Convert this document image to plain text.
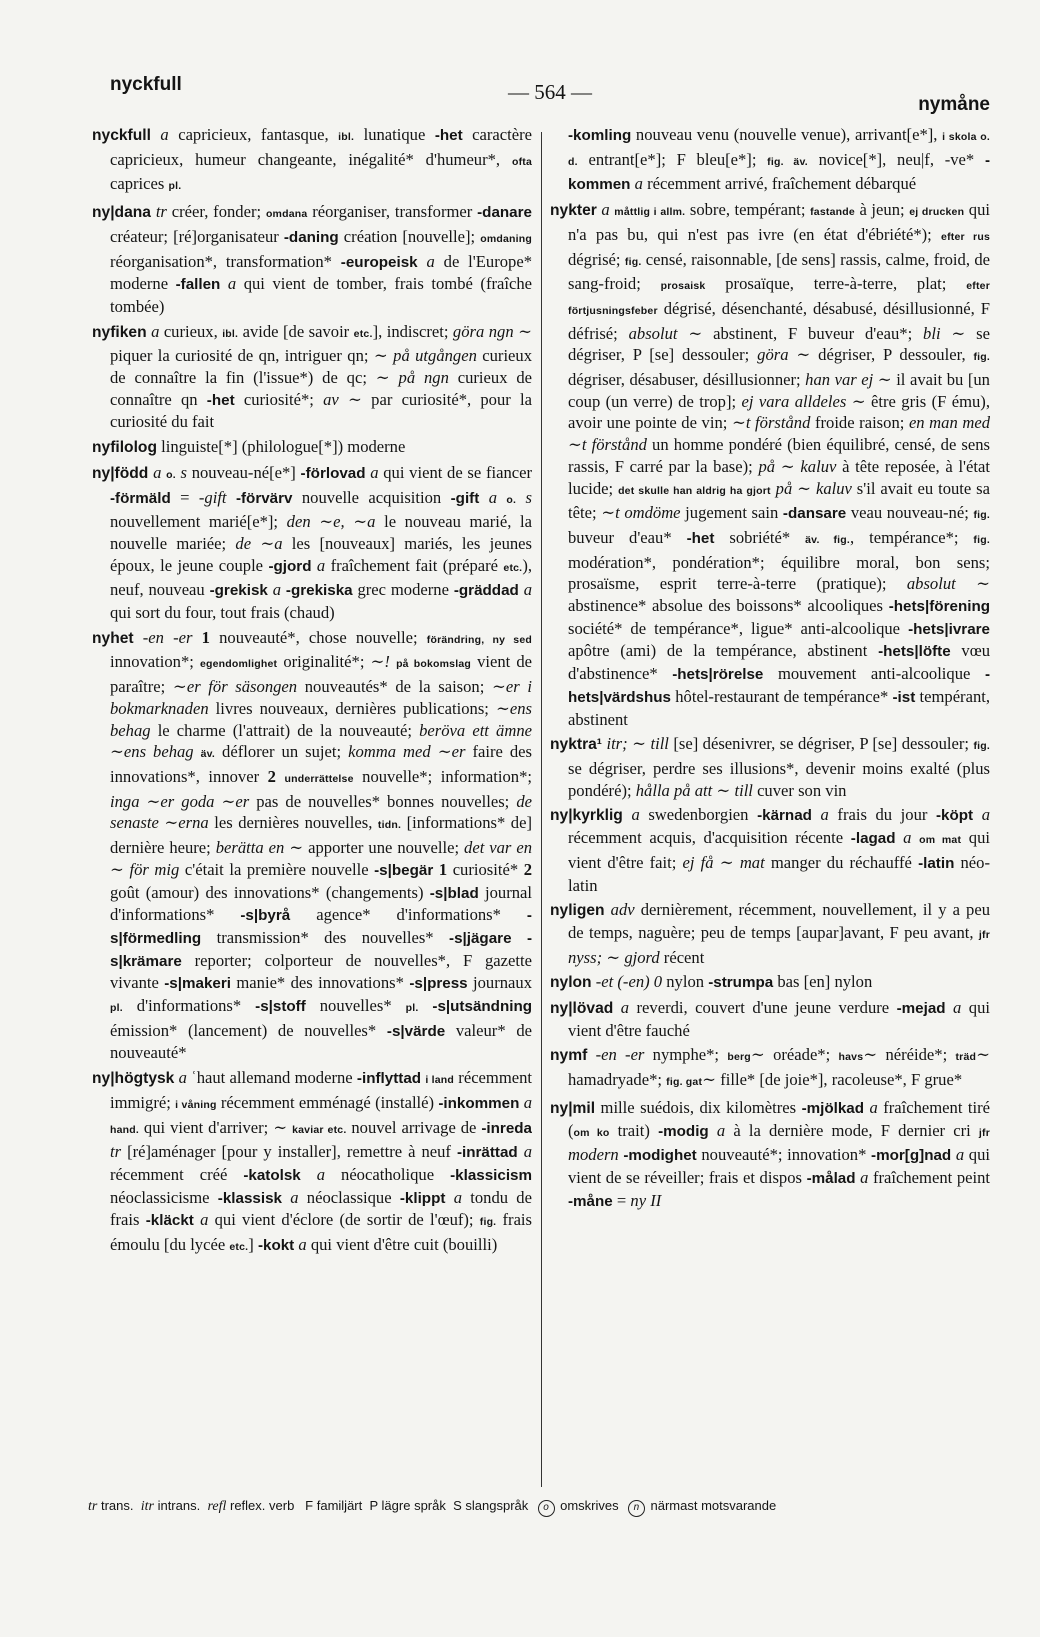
nyckfull	— 564 —
nymåne

nyckfull a capricieux, fantasque, ibl. lunatique -het caractère capricieux, humeur changeante, inégalité* d'humeur*, ofta caprices pl.

ny|dana tr créer, fonder; omdana réorganiser, transformer -danare créateur; [ré]organisateur -daning création [nouvelle]; omdaning réorganisation*, transformation* -europeisk a de l'Europe* moderne -fallen a qui vient de tomber, frais tombé (fraîche tombée)

nyfiken a curieux, ibl. avide [de savoir etc.], indiscret; göra ngn ∼ piquer la curiosité de qn, intriguer qn; ∼ på utgången curieux de connaître la fin (l'issue*) de qc; ∼ på ngn curieux de connaître qn -het curiosité*; av ∼ par curiosité*, pour la curiosité du fait

nyfilolog linguiste[*] (philologue[*]) moderne

ny|född a o. s nouveau-né[e*] -förlovad a qui vient de se fiancer -förmäld = -gift -förvärv nouvelle acquisition -gift a o. s nouvellement marié[e*]; den ∼e, ∼a le nouveau marié, la nouvelle mariée; de ∼a les [nouveaux] mariés, les jeunes époux, le jeune couple -gjord a fraîchement fait (préparé etc.), neuf, nouveau -grekisk a -grekiska grec moderne -gräddad a qui sort du four, tout frais (chaud)

nyhet -en -er 1 nouveauté*, chose nouvelle; förändring, ny sed innovation*; egendomlighet originalité*; ∼! på bokomslag vient de paraître; ∼er för säsongen nouveautés* de la saison; ∼er i bokmarknaden livres nouveaux, dernières publications; ∼ens behag le charme (l'attrait) de la nouveauté; beröva ett ämne ∼ens behag äv. déflorer un sujet; komma med ∼er faire des innovations*, innover 2 underrättelse nouvelle*; information*; inga ∼er goda ∼er pas de nouvelles* bonnes nouvelles; de senaste ∼erna les dernières nouvelles, tidn. [informations* de] dernière heure; berätta en ∼ apporter une nouvelle; det var en ∼ för mig c'était la première nouvelle -s|begär 1 curiosité* 2 goût (amour) des innovations* (changements) -s|blad journal d'informations* -s|byrå agence* d'informations* -s|förmedling transmission* des nouvelles* -s|jägare -s|krämare reporter; colporteur de nouvelles*, F gazette vivante -s|makeri manie* des innovations* -s|press journaux pl. d'informations* -s|stoff nouvelles* pl. -s|utsändning émission* (lancement) de nouvelles* -s|värde valeur* de nouveauté*

ny|högtysk a ʿhaut allemand moderne -inflyttad i land récemment immigré; i våning récemment emménagé (installé) -inkommen a hand. qui vient d'arriver; ∼ kaviar etc. nouvel arrivage de -inreda tr [ré]aménager [pour y installer], remettre à neuf -inrättad a récemment créé -katolsk a néocatholique -klassicism néoclassicisme -klassisk a néoclassique -klippt a tondu de frais -kläckt a qui vient d'éclore (de sortir de l'œuf); fig. frais émoulu [du lycée etc.] -kokt a qui vient d'être cuit (bouilli)

-komling nouveau venu (nouvelle venue), arrivant[e*], i skola o. d. entrant[e*]; F bleu[e*]; fig. äv. novice[*], neu|f, -ve* -kommen a récemment arrivé, fraîchement débarqué

nykter a måttlig i allm. sobre, tempérant; fastande à jeun; ej drucken qui n'a pas bu, qui n'est pas ivre (en état d'ébriété*); efter rus dégrisé; fig. censé, raisonnable, [de sens] rassis, calme, froid, de sang-froid; prosaisk prosaïque, terre-à-terre, plat; efter förtjusningsfeber dégrisé, désenchanté, désabusé, désillusionné, F défrisé; absolut ∼ abstinent, F buveur d'eau*; bli ∼ se dégriser, P [se] dessouler; göra ∼ dégriser, P dessouler, fig. dégriser, désabuser, désillusionner; han var ej ∼ il avait bu [un coup (un verre) de trop]; ej vara alldeles ∼ être gris (F ému), avoir une pointe de vin; ∼t förstånd froide raison; en man med ∼t förstånd un homme pondéré (bien équilibré, censé, de sens rassis, F carré par la base); på ∼ kaluv à tête reposée, à l'état lucide; det skulle han aldrig ha gjort på ∼ kaluv s'il avait eu toute sa tête; ∼t omdöme jugement sain -dansare veau nouveau-né; fig. buveur d'eau* -het sobriété* äv. fig., tempérance*; fig. modération*, pondération*; équilibre moral, bon sens; prosaïsme, esprit terre-à-terre (pratique); absolut ∼ abstinence* absolue des boissons* alcooliques -hets|förening société* de tempérance*, ligue* anti-alcoolique -hets|ivrare apôtre (ami) de la tempérance, abstinent -hets|löfte vœu d'abstinence* -hets|rörelse mouvement anti-alcoolique -hets|värdshus hôtel-restaurant de tempérance* -ist tempérant, abstinent

nyktra¹ itr; ∼ till [se] désenivrer, se dégriser, P [se] dessouler; fig. se dégriser, perdre ses illusions*, devenir moins exalté (plus pondéré); hålla på att ∼ till cuver son vin

ny|kyrklig a swedenborgien -kärnad a frais du jour -köpt a récemment acquis, d'acquisition récente -lagad a om mat qui vient d'être fait; ej få ∼ mat manger du réchauffé -latin néo-latin

nyligen adv dernièrement, récemment, nouvellement, il y a peu de temps, naguère; peu de temps [aupar]avant, F peu avant, jfr nyss; ∼ gjord récent

nylon -et (-en) 0 nylon -strumpa bas [en] nylon

ny|lövad a reverdi, couvert d'une jeune verdure -mejad a qui vient d'être fauché

nymf -en -er nymphe*; berg∼ oréade*; havs∼ néréide*; träd∼ hamadryade*; fig. gat∼ fille* [de joie*], racoleuse*, F grue*

ny|mil mille suédois, dix kilomètres -mjölkad a fraîchement tiré (om ko trait) -modig a à la dernière mode, F dernier cri jfr modern -modighet nouveauté*; innovation* -mor[g]nad a qui vient de se réveiller; frais et dispos -målad a fraîchement peint -måne = ny II

tr trans. itr intrans. refl reflex. verb F familjärt P lägre språk S slangspråk o omskrives n närmast motsvarande
